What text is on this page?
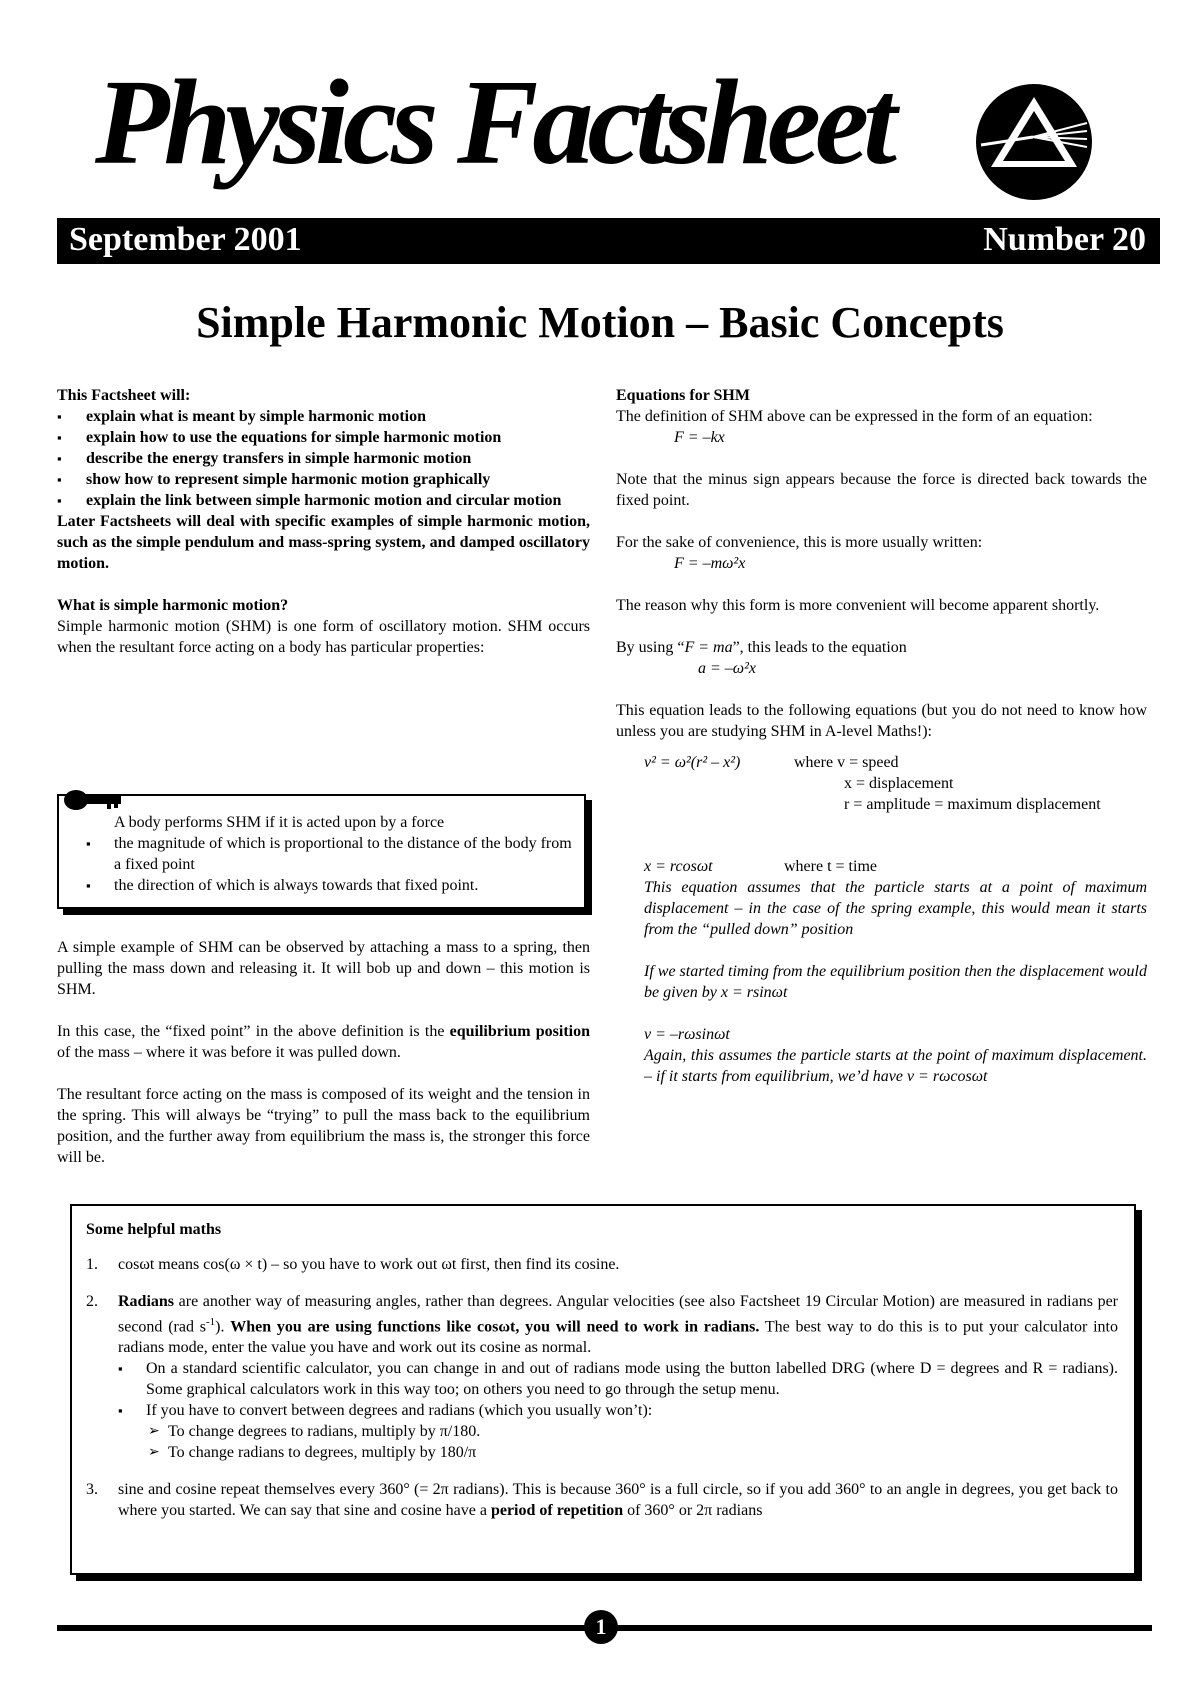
Physics Factsheet
September 2001	Number 20
Simple Harmonic Motion – Basic Concepts

This Factsheet will:

▪ explain what is meant by simple harmonic motion
▪ explain how to use the equations for simple harmonic motion
▪ describe the energy transfers in simple harmonic motion
▪ show how to represent simple harmonic motion graphically
▪ explain the link between simple harmonic motion and circular motion

Later Factsheets will deal with specific examples of simple harmonic motion, such as the simple pendulum and mass-spring system, and damped oscillatory motion.

What is simple harmonic motion?

Simple harmonic motion (SHM) is one form of oscillatory motion. SHM occurs when the resultant force acting on a body has particular properties:

A body performs SHM if it is acted upon by a force

▪ the magnitude of which is proportional to the distance of the body from a fixed point
▪ the direction of which is always towards that fixed point.

A simple example of SHM can be observed by attaching a mass to a spring, then pulling the mass down and releasing it. It will bob up and down – this motion is SHM.

In this case, the “fixed point” in the above definition is the equilibrium position of the mass – where it was before it was pulled down.

The resultant force acting on the mass is composed of its weight and the tension in the spring. This will always be “trying” to pull the mass back to the equilibrium position, and the further away from equilibrium the mass is, the stronger this force will be.

Equations for SHM

The definition of SHM above can be expressed in the form of an equation:

F = –kx

Note that the minus sign appears because the force is directed back towards the fixed point.

For the sake of convenience, this is more usually written:

F = –mω²x

The reason why this form is more convenient will become apparent shortly.

By using “F = ma”, this leads to the equation

a = –ω²x

This equation leads to the following equations (but you do not need to know how unless you are studying SHM in A-level Maths!):

v² = ω²(r² – x²)	where v = speed

x = displacement

r = amplitude = maximum displacement

x = rcosωt	where t = time

This equation assumes that the particle starts at a point of maximum displacement – in the case of the spring example, this would mean it starts from the “pulled down” position

If we started timing from the equilibrium position then the displacement would be given by x = rsinωt

v = –rωsinωt

Again, this assumes the particle starts at the point of maximum displacement. – if it starts from equilibrium, we’d have v = rωcosωt

Some helpful maths

1. cosωt means cos(ω × t) – so you have to work out ωt first, then find its cosine.
2. Radians are another way of measuring angles, rather than degrees. Angular velocities (see also Factsheet 19 Circular Motion) are measured in radians per second (rad $s^{-1}$). When you are using functions like cosωt, you will need to work in radians. The best way to do this is to put your calculator into radians mode, enter the value you have and work out its cosine as normal.
▪ On a standard scientific calculator, you can change in and out of radians mode using the button labelled DRG (where D = degrees and R = radians). Some graphical calculators work in this way too; on others you need to go through the setup menu.
▪ If you have to convert between degrees and radians (which you usually won’t):
➢ To change degrees to radians, multiply by π/180.
➢ To change radians to degrees, multiply by 180/π
3. sine and cosine repeat themselves every 360° (= 2π radians). This is because 360° is a full circle, so if you add 360° to an angle in degrees, you get back to where you started. We can say that sine and cosine have a period of repetition of 360° or 2π radians
1
